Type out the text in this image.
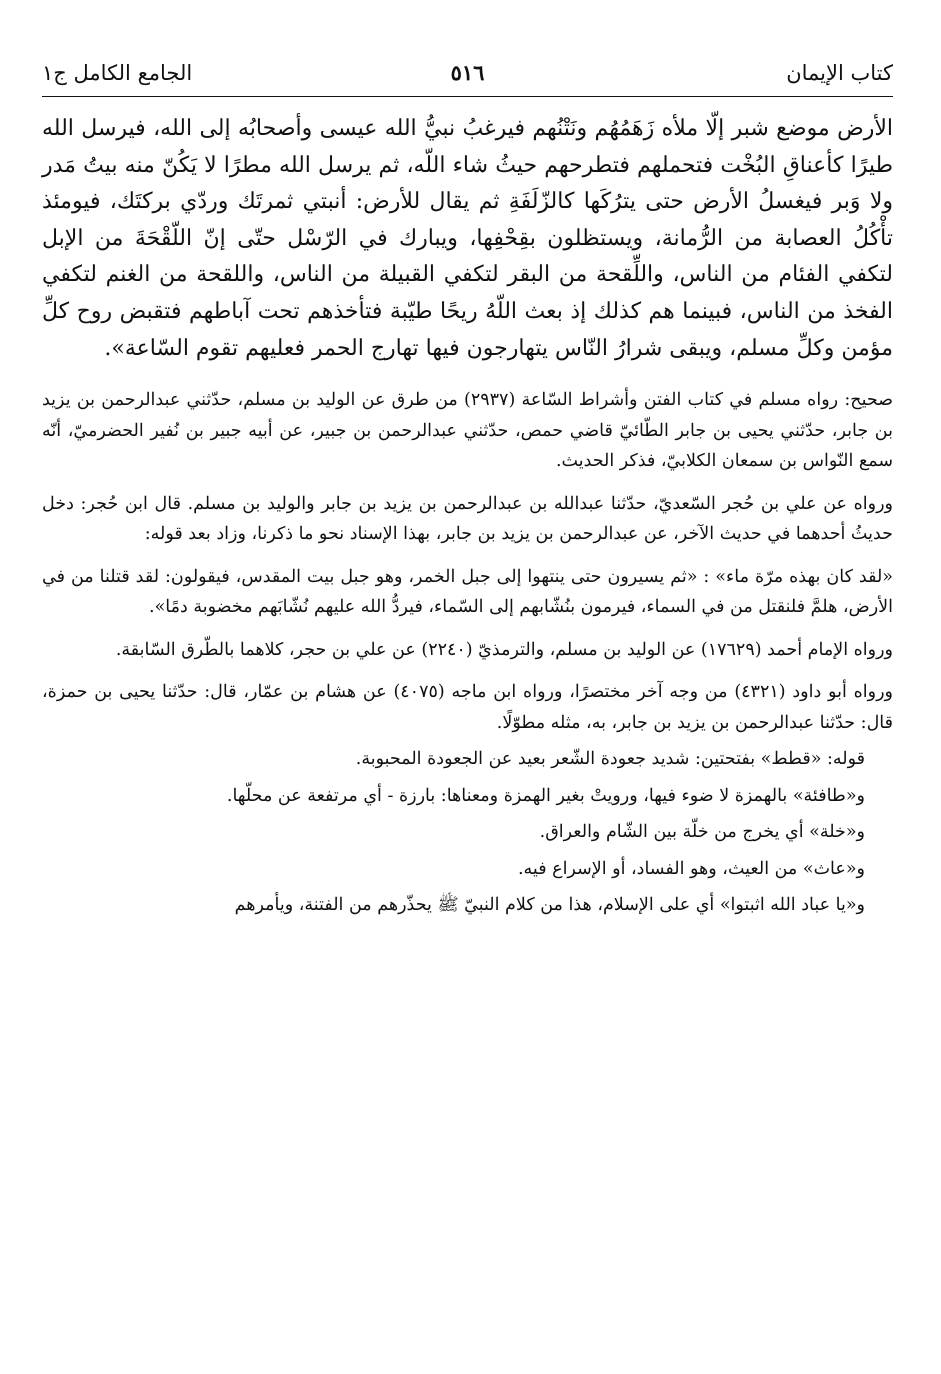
كتاب الإيمان
٥١٦
الجامع الكامل ج١

الأرض موضع شبر إلّا ملأه زَهَمُهُم ونَتْنُهم فيرغبُ نبيُّ الله عيسى وأصحابُه إلى الله، فيرسل الله طيرًا كأعناقِ البُخْت فتحملهم فتطرحهم حيثُ شاء اللّه، ثم يرسل الله مطرًا لا يَكُنّ منه بيتُ مَدر ولا وَبر فيغسلُ الأرض حتى يترُكَها كالزّلَفَةِ ثم يقال للأرض: أنبتي ثمرتَك وردّي بركتَك، فيومئذ تأْكُلُ العصابة من الرُّمانة، ويستظلون بقِحْفِها، ويبارك في الرّسْل حتّى إنّ اللّقْحَةَ من الإبل لتكفي الفئام من الناس، واللِّقحة من البقر لتكفي القبيلة من الناس، واللقحة من الغنم لتكفي الفخذ من الناس، فبينما هم كذلك إذ بعث اللّهُ ريحًا طيّبة فتأخذهم تحت آباطهم فتقبض روح كلِّ مؤمن وكلِّ مسلم، ويبقى شرارُ النّاس يتهارجون فيها تهارج الحمر فعليهم تقوم السّاعة».

صحيح: رواه مسلم في كتاب الفتن وأشراط السّاعة (٢٩٣٧) من طرق عن الوليد بن مسلم، حدّثني عبدالرحمن بن يزيد بن جابر، حدّثني يحيى بن جابر الطّائيّ قاضي حمص، حدّثني عبدالرحمن بن جبير، عن أبيه جبير بن نُفير الحضرميّ، أنّه سمع النّواس بن سمعان الكلابيّ، فذكر الحديث.

ورواه عن علي بن حُجر السّعديّ، حدّثنا عبدالله بن عبدالرحمن بن يزيد بن جابر والوليد بن مسلم. قال ابن حُجر: دخل حديثُ أحدهما في حديث الآخر، عن عبدالرحمن بن يزيد بن جابر، بهذا الإسناد نحو ما ذكرنا، وزاد بعد قوله:

«لقد كان بهذه مرّة ماء» : «ثم يسيرون حتى ينتهوا إلى جبل الخمر، وهو جبل بيت المقدس، فيقولون: لقد قتلنا من في الأرض، هلمَّ فلنقتل من في السماء، فيرمون بنُشّابهم إلى السّماء، فيردُّ الله عليهم نُشّابَهم مخضوبة دمًا».

ورواه الإمام أحمد (١٧٦٢٩) عن الوليد بن مسلم، والترمذيّ (٢٢٤٠) عن علي بن حجر، كلاهما بالطّرق السّابقة.

ورواه أبو داود (٤٣٢١) من وجه آخر مختصرًا، ورواه ابن ماجه (٤٠٧٥) عن هشام بن عمّار، قال: حدّثنا يحيى بن حمزة، قال: حدّثنا عبدالرحمن بن يزيد بن جابر، به، مثله مطوّلًا.

قوله: «قطط» بفتحتين: شديد جعودة الشّعر بعيد عن الجعودة المحبوبة.

و«طافئة» بالهمزة لا ضوء فيها، ورويتْ بغير الهمزة ومعناها: بارزة - أي مرتفعة عن محلّها.

و«خلة» أي يخرج من خلّة بين الشّام والعراق.

و«عاث» من العيث، وهو الفساد، أو الإسراع فيه.

و«يا عباد الله اثبتوا» أي على الإسلام، هذا من كلام النبيّ ﷺ يحذّرهم من الفتنة، ويأمرهم
